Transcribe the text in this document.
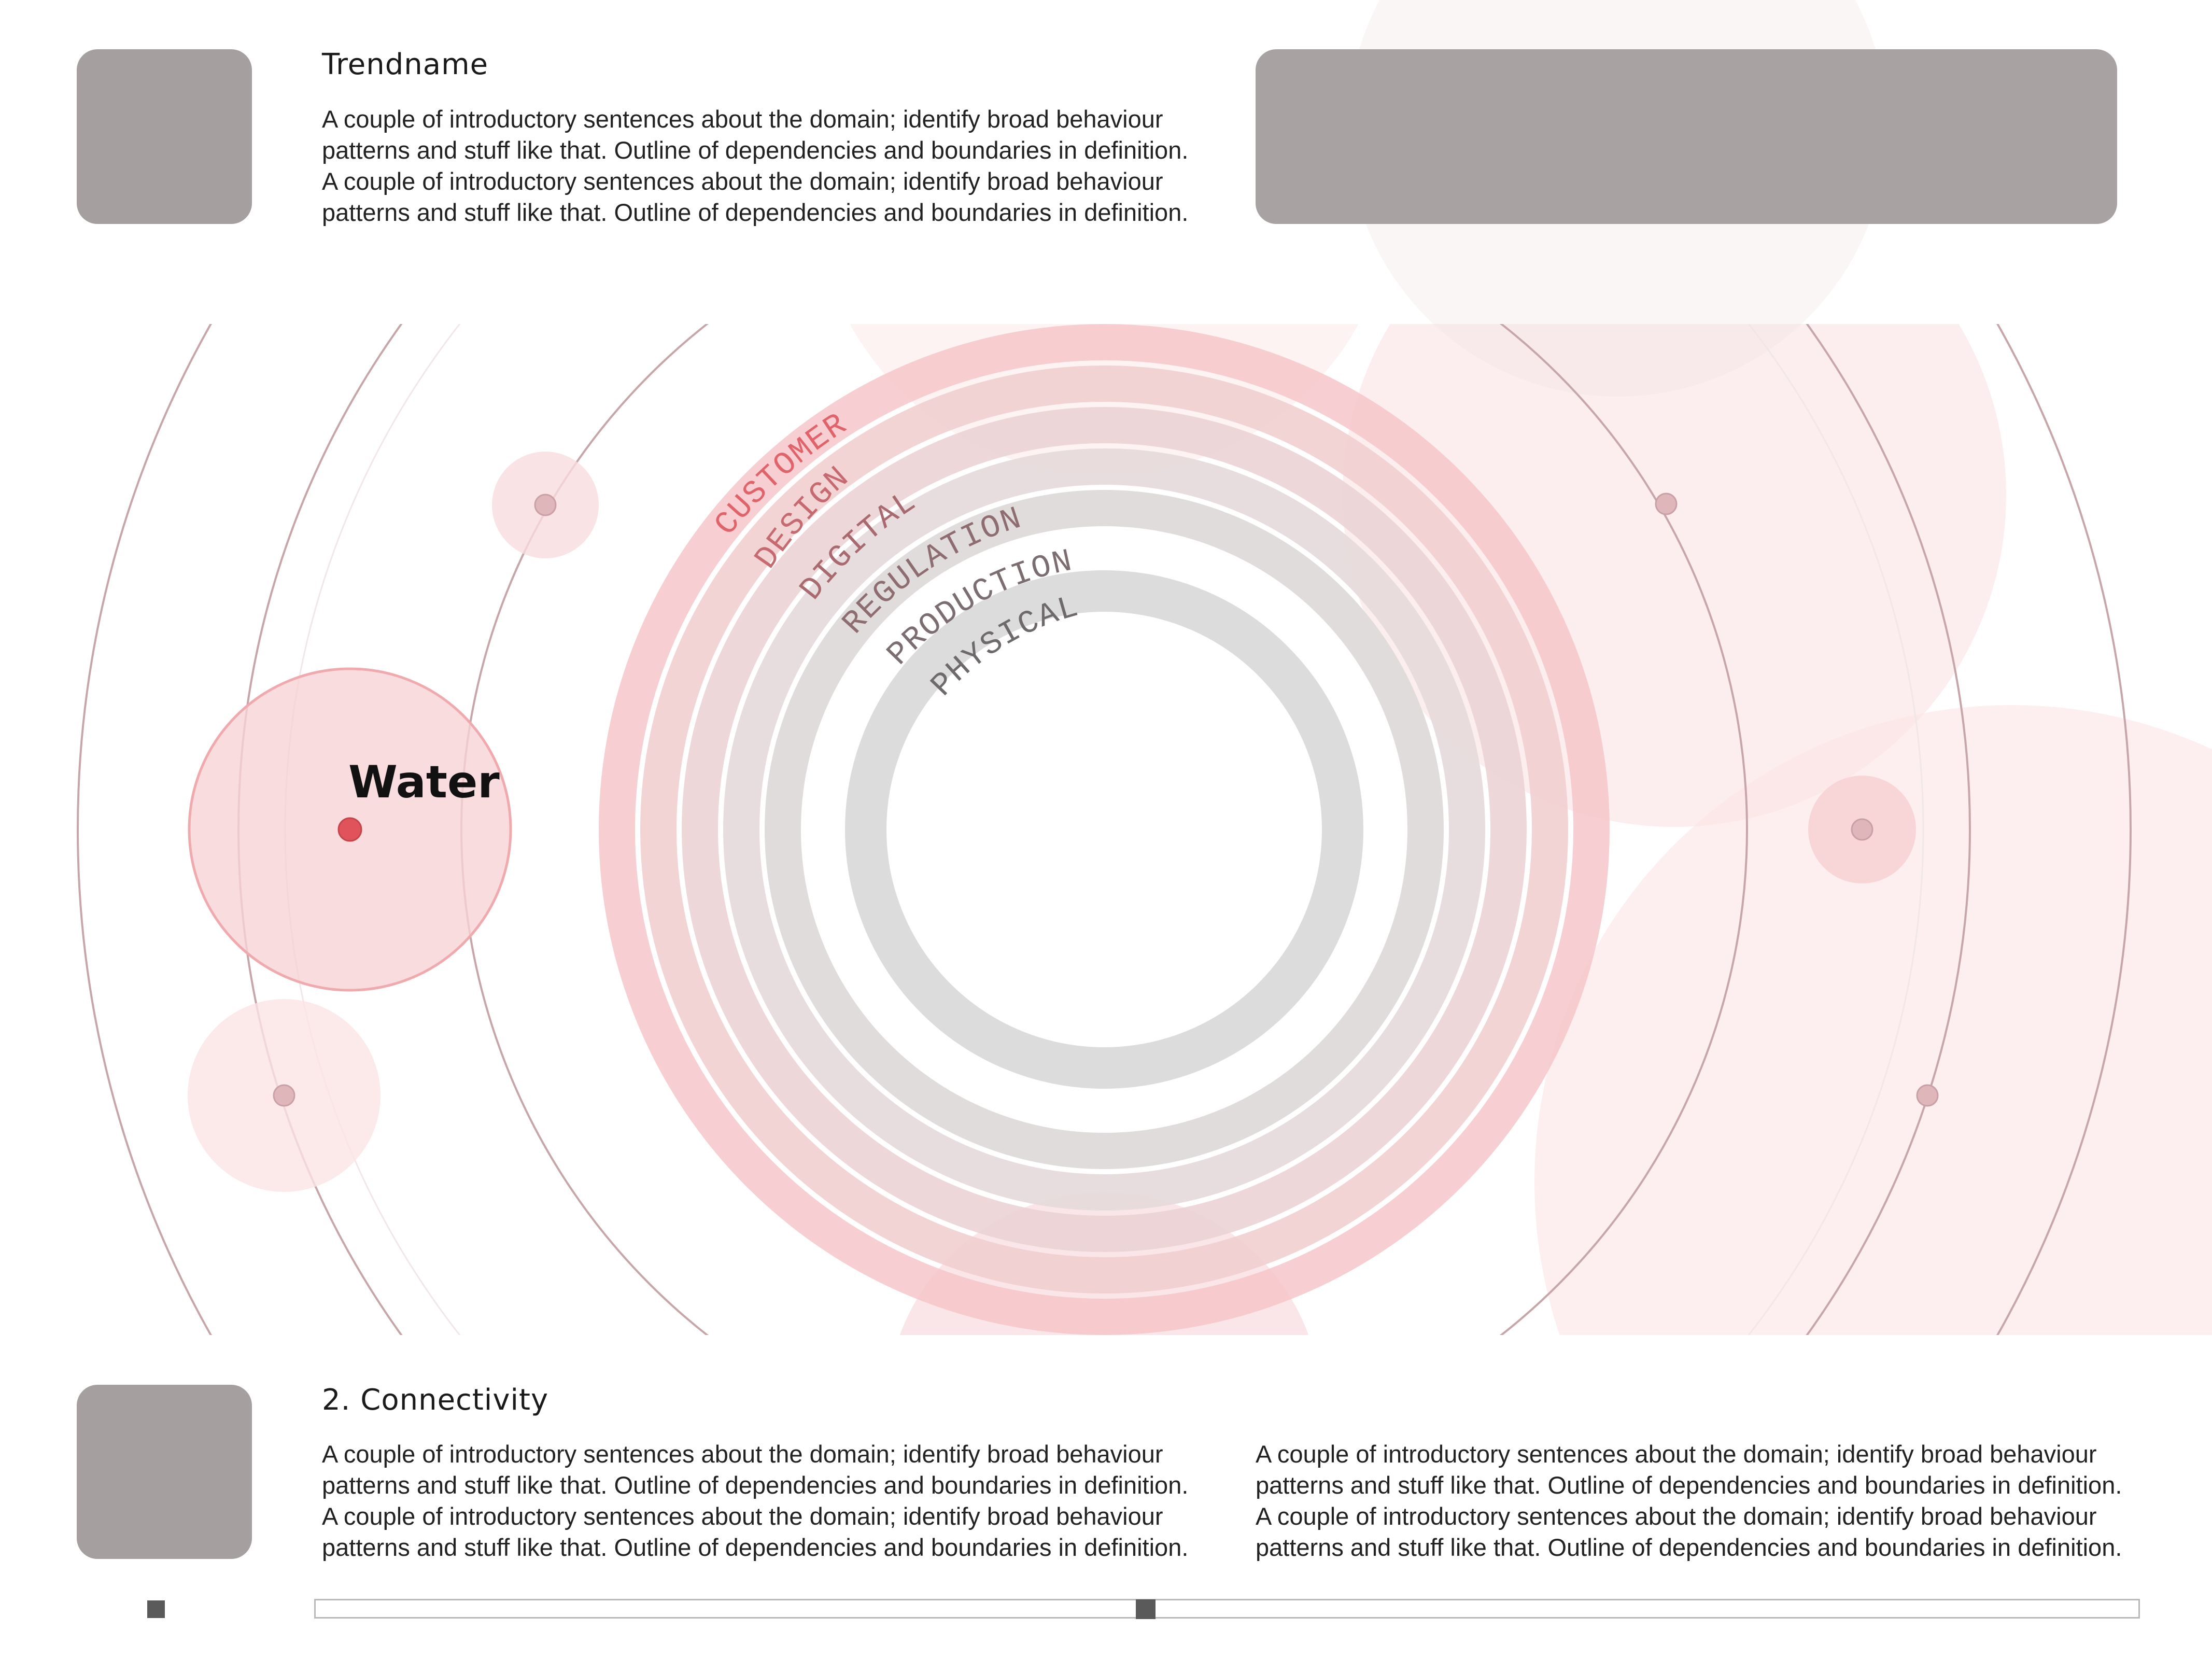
CUSTOMER
DESIGN
DIGITAL
REGULATION
PRODUCTION
PHYSICAL
Water
Trendname
A couple of introductory sentences about the domain; identify broad behaviour
patterns and stuff like that. Outline of dependencies and boundaries in definition.
A couple of introductory sentences about the domain; identify broad behaviour
patterns and stuff like that. Outline of dependencies and boundaries in definition.
2. Connectivity
A couple of introductory sentences about the domain; identify broad behaviour
patterns and stuff like that. Outline of dependencies and boundaries in definition.
A couple of introductory sentences about the domain; identify broad behaviour
patterns and stuff like that. Outline of dependencies and boundaries in definition.
A couple of introductory sentences about the domain; identify broad behaviour
patterns and stuff like that. Outline of dependencies and boundaries in definition.
A couple of introductory sentences about the domain; identify broad behaviour
patterns and stuff like that. Outline of dependencies and boundaries in definition.
